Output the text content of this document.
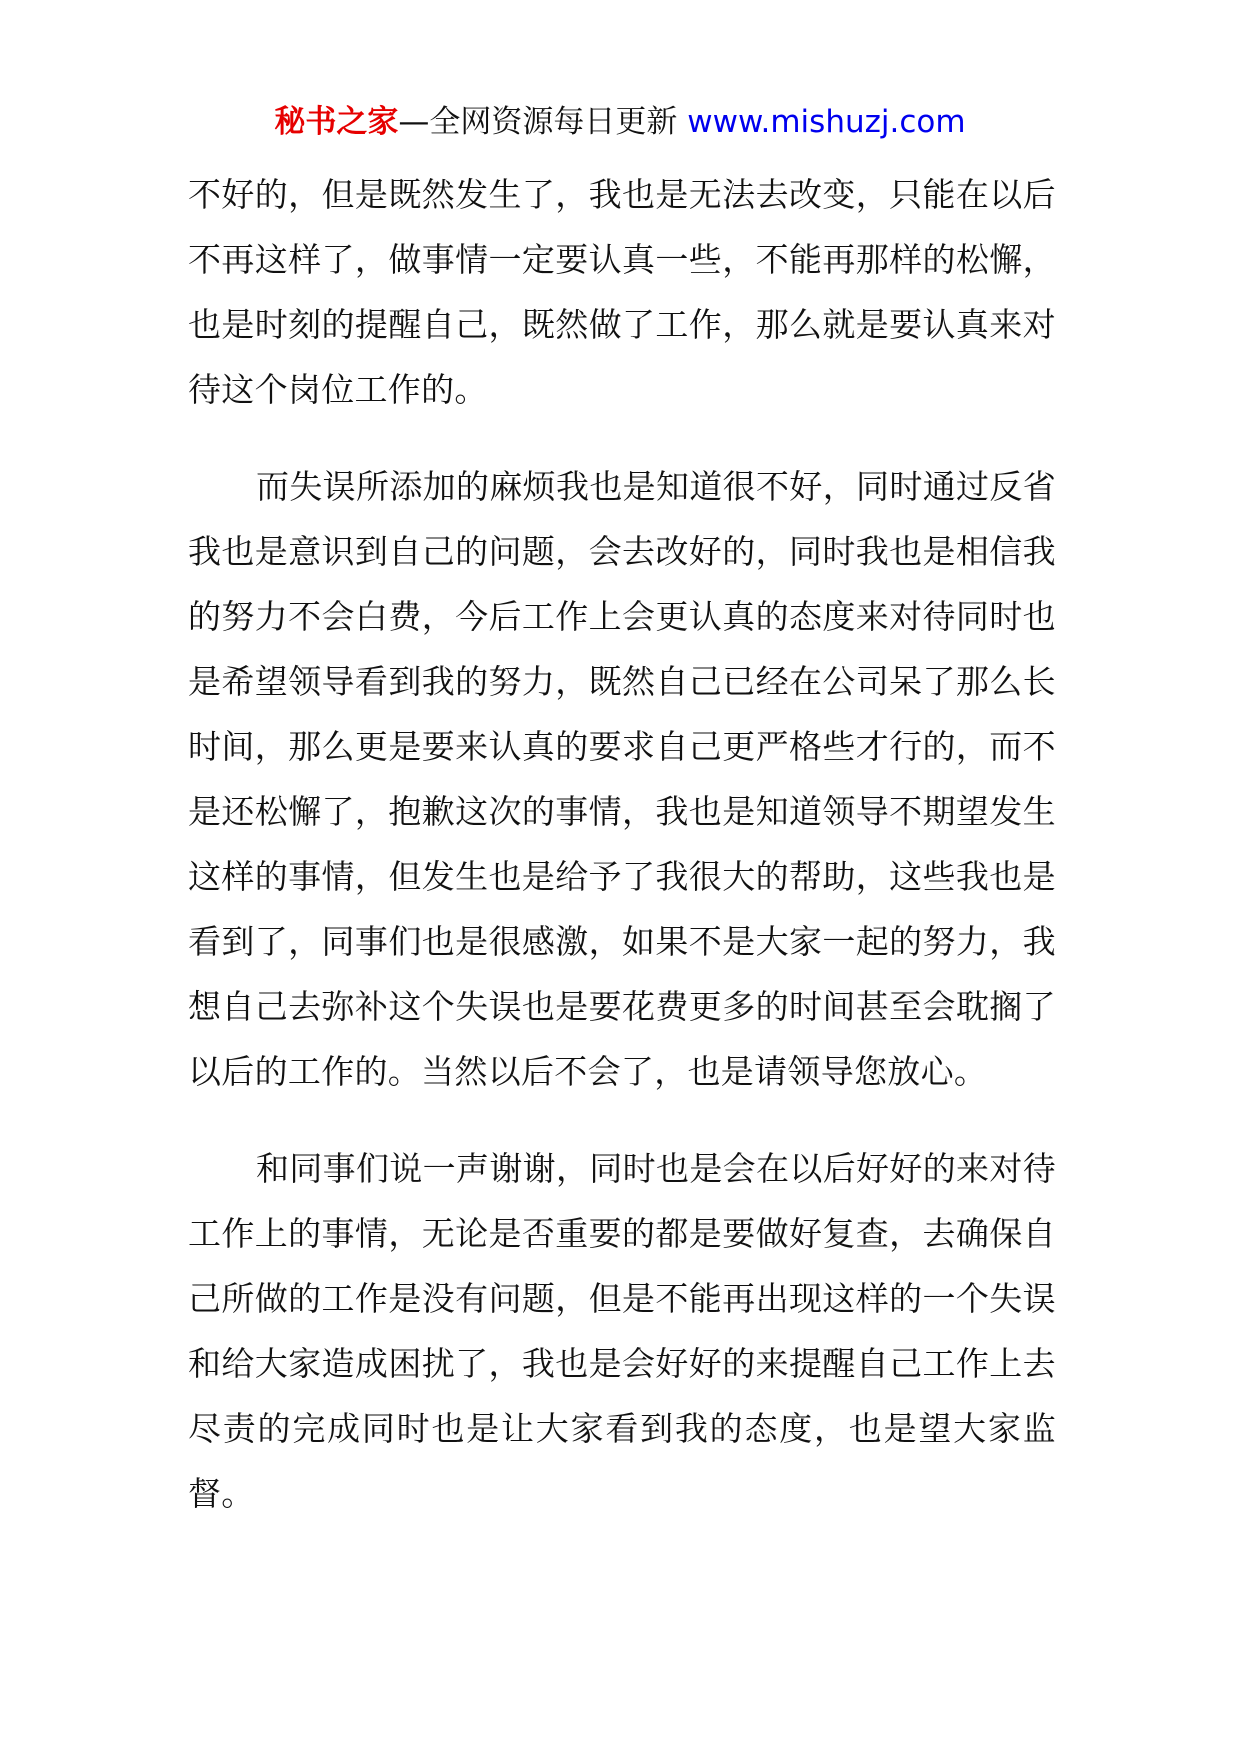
秘书之家—全网资源每日更新 www.mishuzj.com

不好的，但是既然发生了，我也是无法去改变，只能在以后不再这样了，做事情一定要认真一些，不能再那样的松懈，也是时刻的提醒自己，既然做了工作，那么就是要认真来对待这个岗位工作的。

而失误所添加的麻烦我也是知道很不好，同时通过反省我也是意识到自己的问题，会去改好的，同时我也是相信我的努力不会白费，今后工作上会更认真的态度来对待同时也是希望领导看到我的努力，既然自己已经在公司呆了那么长时间，那么更是要来认真的要求自己更严格些才行的，而不是还松懈了，抱歉这次的事情，我也是知道领导不期望发生这样的事情，但发生也是给予了我很大的帮助，这些我也是看到了，同事们也是很感激，如果不是大家一起的努力，我想自己去弥补这个失误也是要花费更多的时间甚至会耽搁了以后的工作的。当然以后不会了，也是请领导您放心。

和同事们说一声谢谢，同时也是会在以后好好的来对待工作上的事情，无论是否重要的都是要做好复查，去确保自己所做的工作是没有问题，但是不能再出现这样的一个失误和给大家造成困扰了，我也是会好好的来提醒自己工作上去尽责的完成同时也是让大家看到我的态度，也是望大家监督。
